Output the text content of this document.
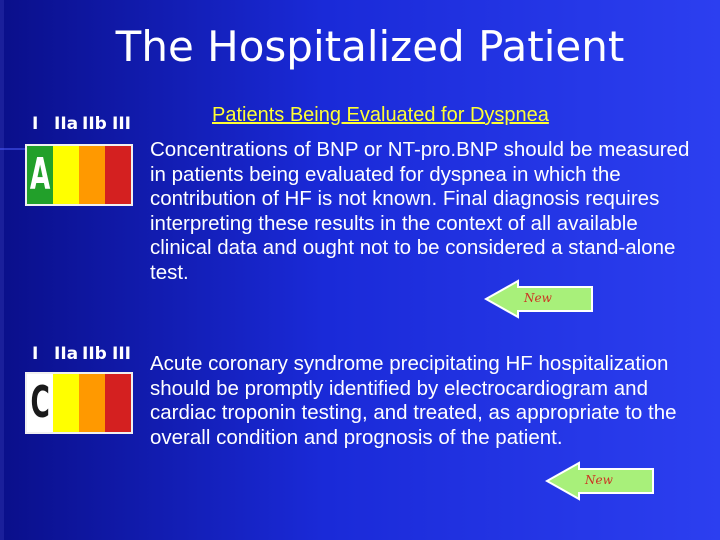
The Hospitalized Patient
Patients Being Evaluated for Dyspnea
I IIa IIb III
A	Concentrations of BNP or NT-pro.BNP should be measured in patients being evaluated for dyspnea in which the contribution of HF is not known. Final diagnosis requires interpreting these results in the context of all available clinical data and ought not to be considered a stand-alone test.
New
I IIa IIb III
C
Acute coronary syndrome precipitating HF hospitalization should be promptly identified by electrocardiogram and cardiac troponin testing, and treated, as appropriate to the overall condition and prognosis of the patient.
New
